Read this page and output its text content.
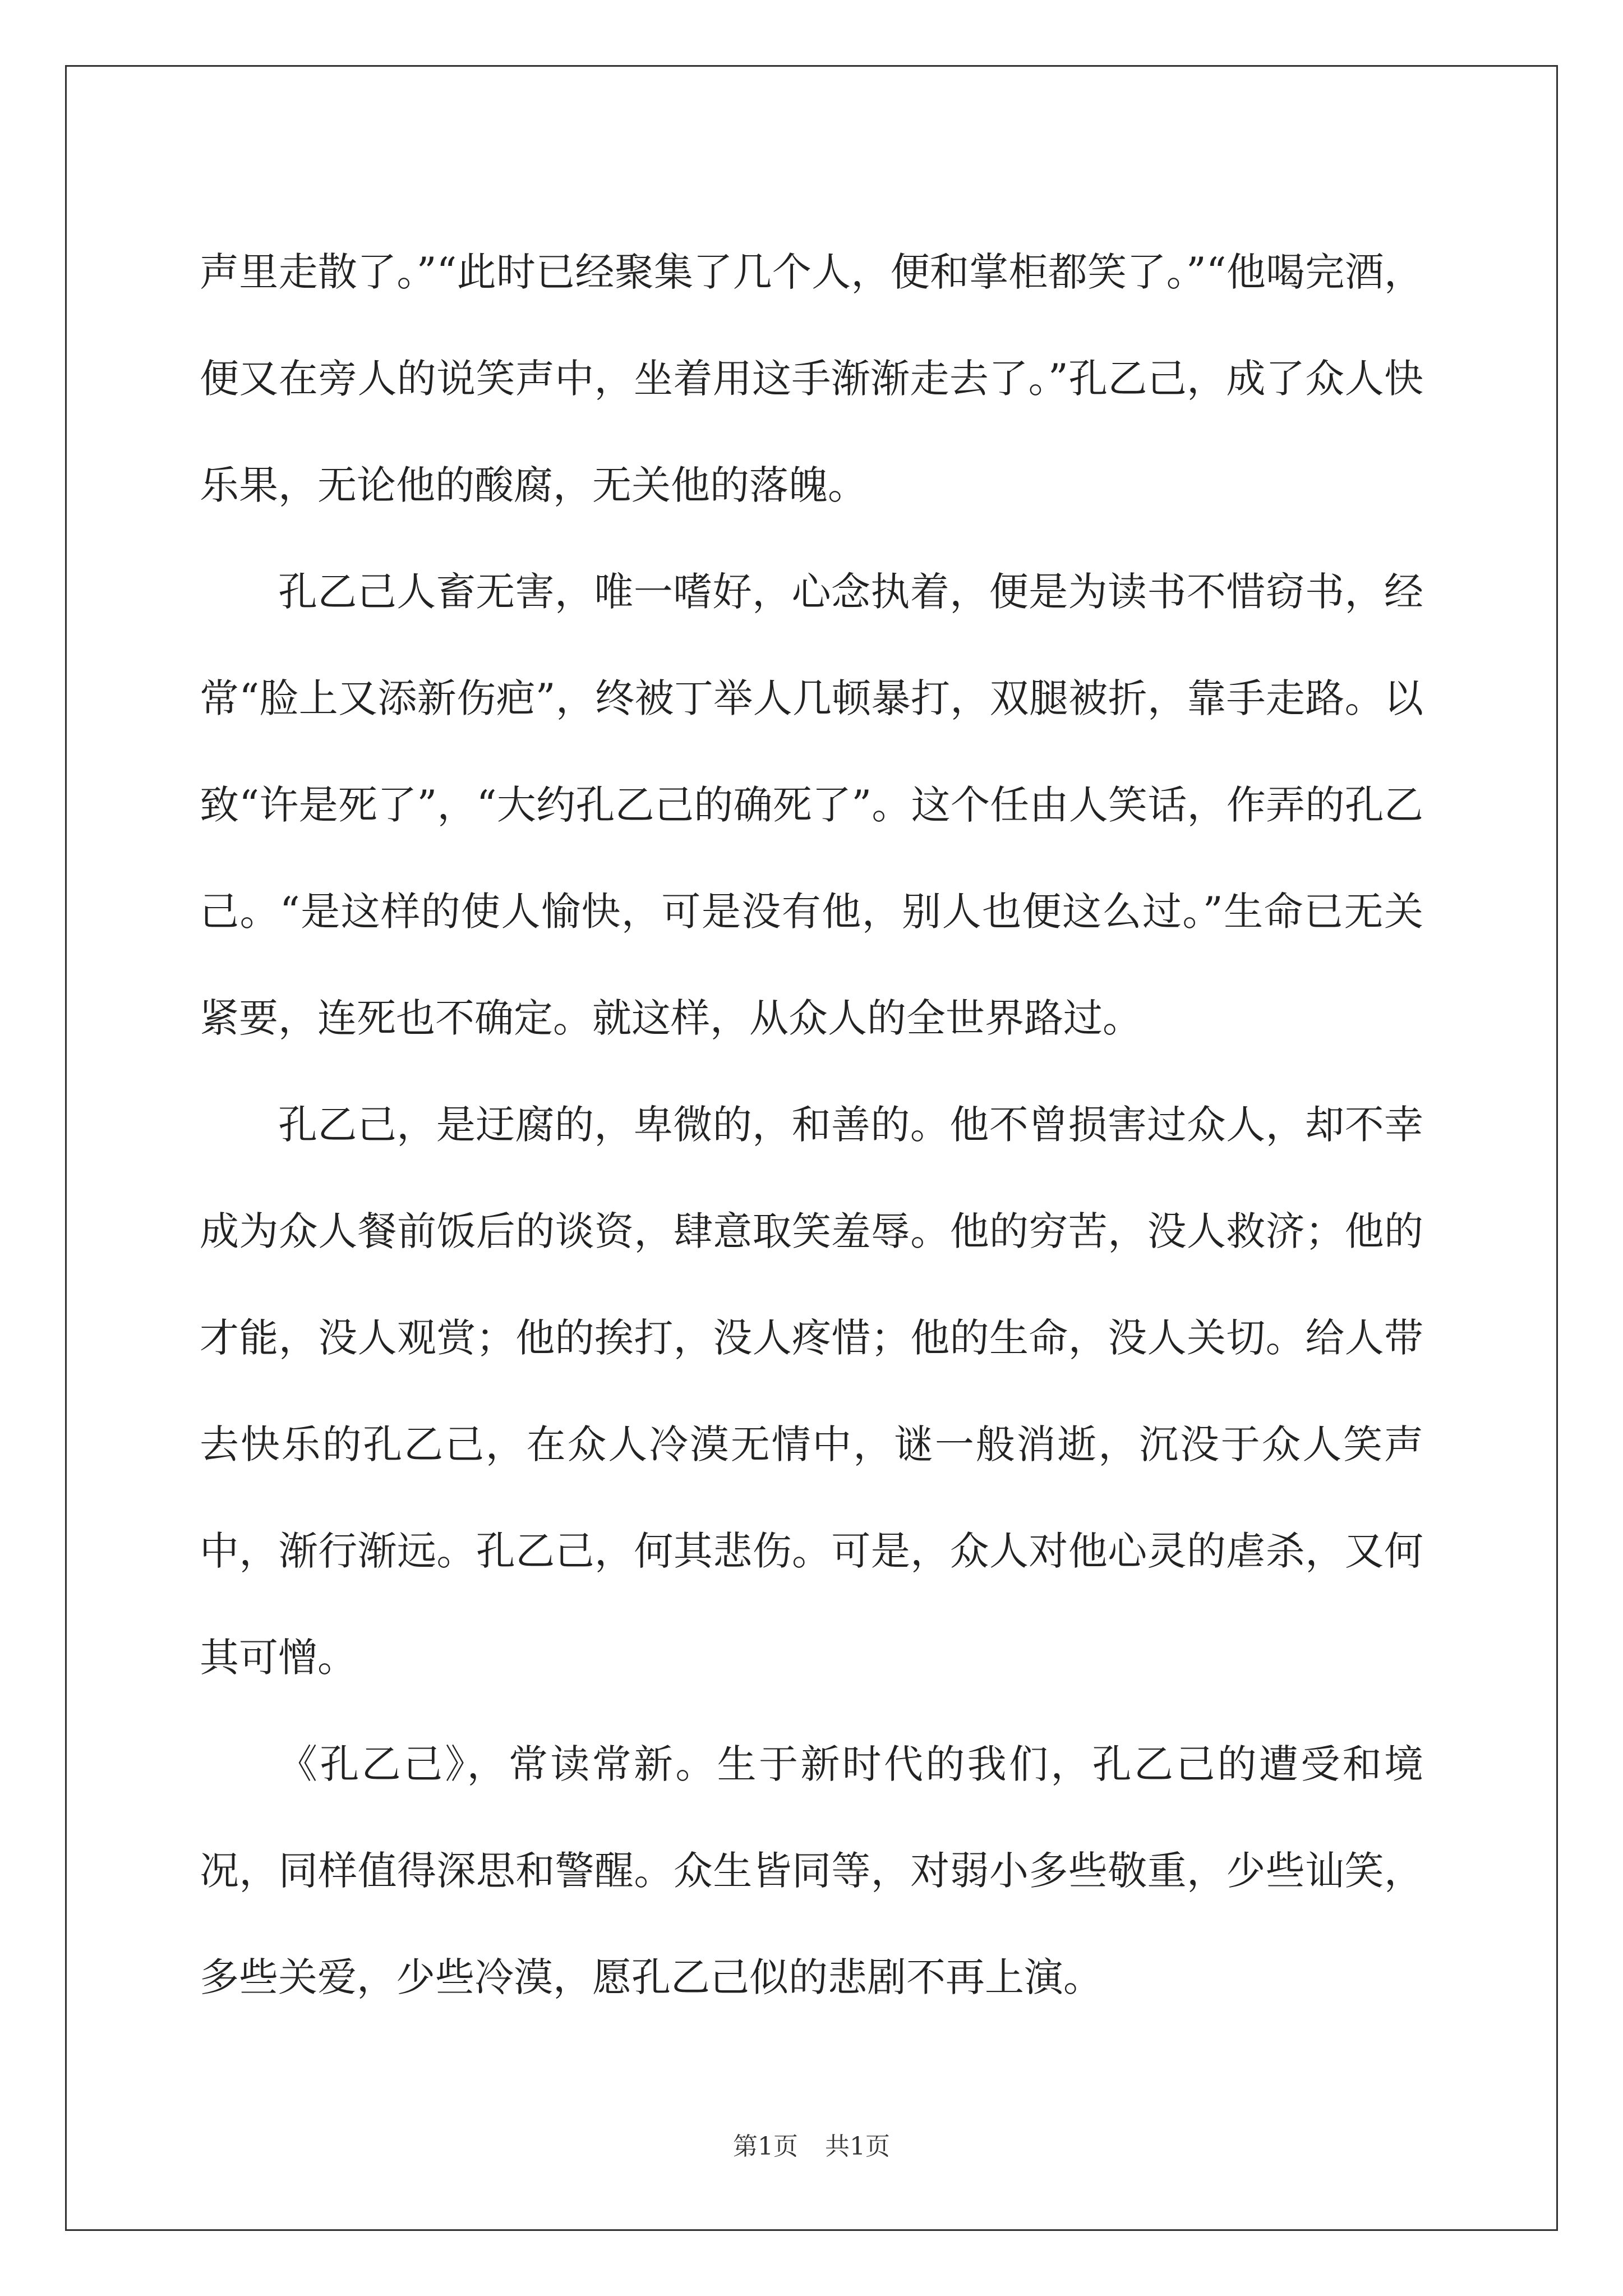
声里走散了。”“此时已经聚集了几个人，便和掌柜都笑了。”“他喝完酒，便又在旁人的说笑声中，坐着用这手渐渐走去了。”孔乙己，成了众人快乐果，无论他的酸腐，无关他的落魄。

孔乙己人畜无害，唯一嗜好，心念执着，便是为读书不惜窃书，经常“脸上又添新伤疤”，终被丁举人几顿暴打，双腿被折，靠手走路。以致“许是死了”，“大约孔乙己的确死了”。这个任由人笑话，作弄的孔乙己。“是这样的使人愉快，可是没有他，别人也便这么过。”生命已无关紧要，连死也不确定。就这样，从众人的全世界路过。

孔乙己，是迂腐的，卑微的，和善的。他不曾损害过众人，却不幸成为众人餐前饭后的谈资，肆意取笑羞辱。他的穷苦，没人救济；他的才能，没人观赏；他的挨打，没人疼惜；他的生命，没人关切。给人带去快乐的孔乙己，在众人冷漠无情中，谜一般消逝，沉没于众人笑声中，渐行渐远。孔乙己，何其悲伤。可是，众人对他心灵的虐杀，又何其可憎。

《孔乙己》，常读常新。生于新时代的我们，孔乙己的遭受和境况，同样值得深思和警醒。众生皆同等，对弱小多些敬重，少些讪笑，多些关爱，少些冷漠，愿孔乙己似的悲剧不再上演。

第1页 共1页
